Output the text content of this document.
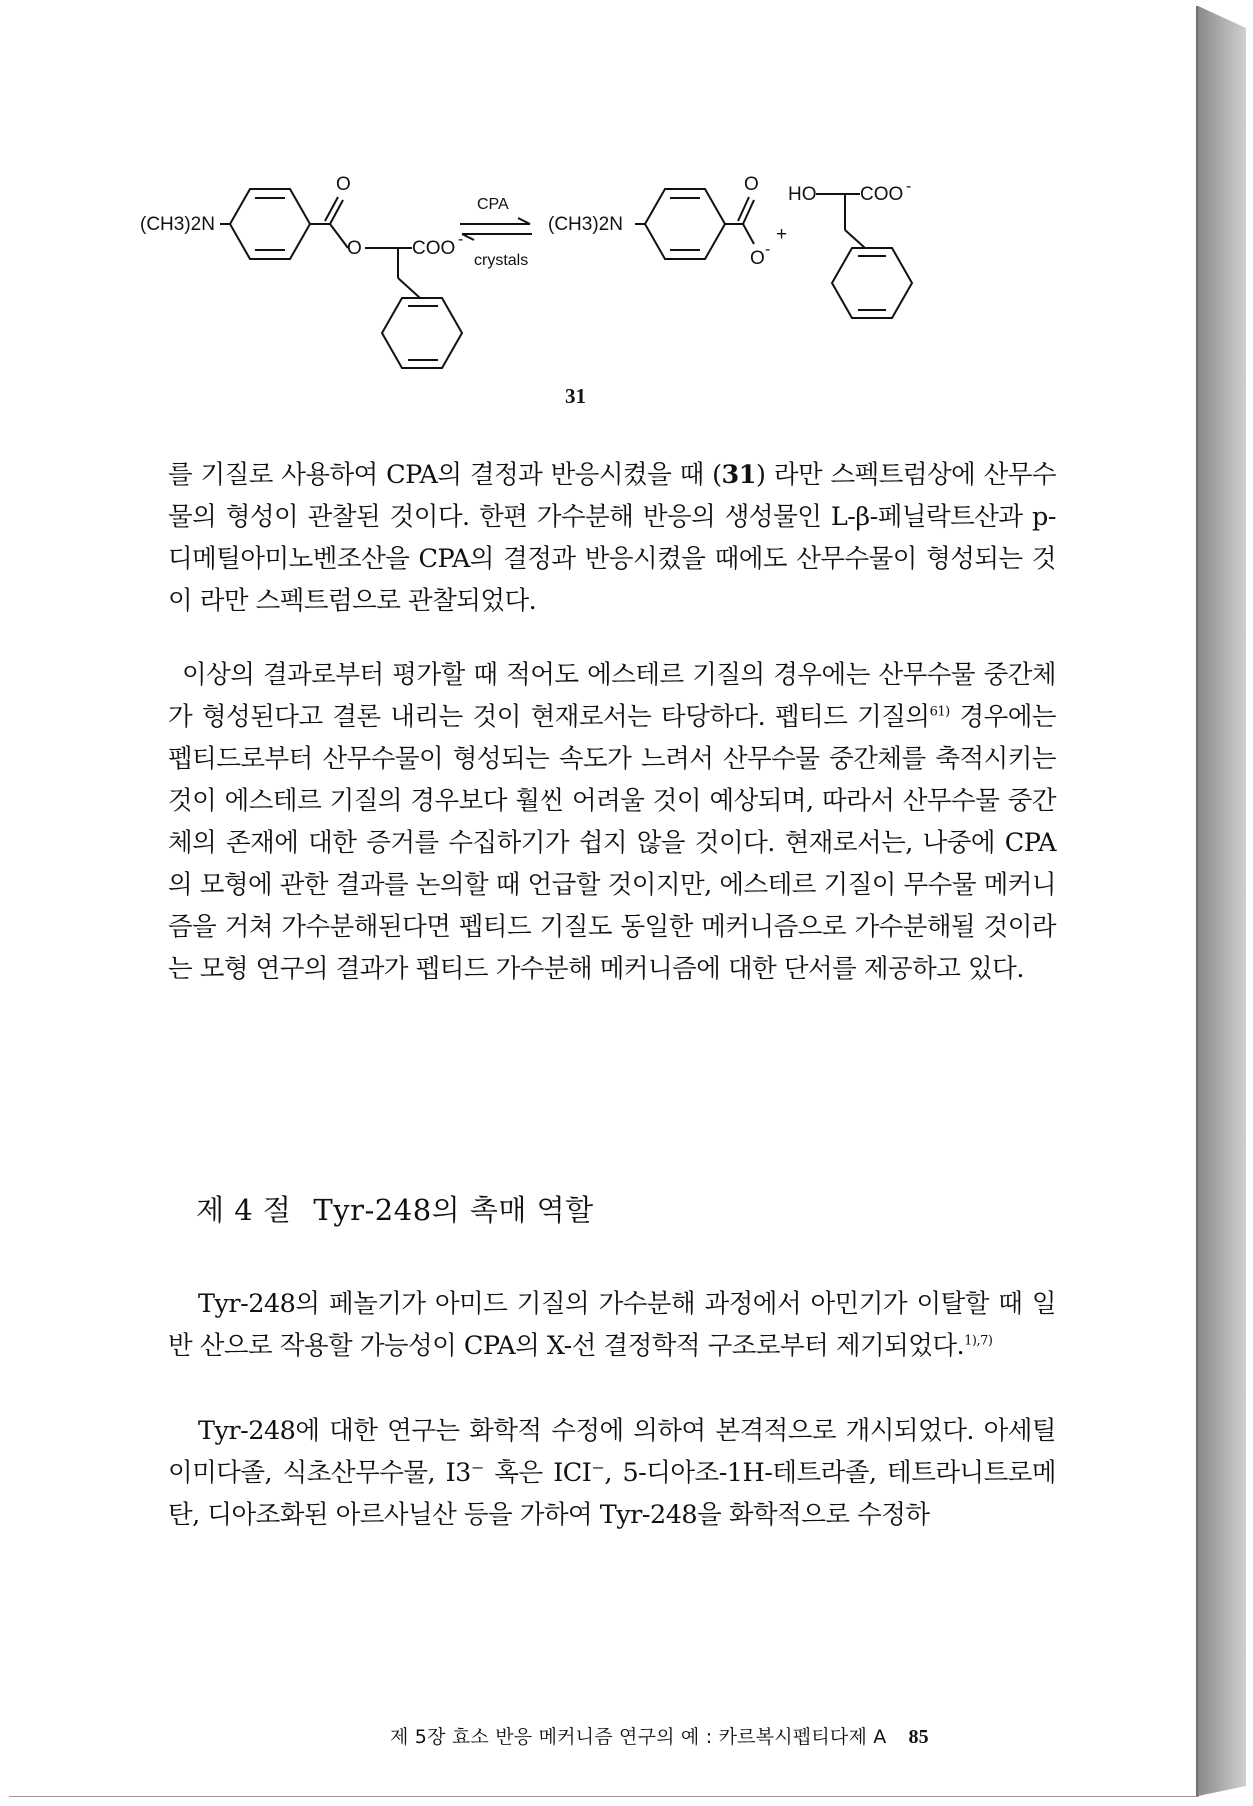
(CH3)2N
O
O	COO -
CPA
crystals
(CH3)2N
O
O -
+
HO COO -
31
를 기질로 사용하여 CPA의 결정과 반응시켰을 때 (31) 라만 스펙트럼상에 산무수물의 형성이 관찰된 것이다. 한편 가수분해 반응의 생성물인 L-β-페닐락트산과 p-디메틸아미노벤조산을 CPA의 결정과 반응시켰을 때에도 산무수물이 형성되는 것이 라만 스펙트럼으로 관찰되었다.
이상의 결과로부터 평가할 때 적어도 에스테르 기질의 경우에는 산무수물 중간체가 형성된다고 결론 내리는 것이 현재로서는 타당하다. 펩티드 기질의$^{61)}$ 경우에는 펩티드로부터 산무수물이 형성되는 속도가 느려서 산무수물 중간체를 축적시키는 것이 에스테르 기질의 경우보다 훨씬 어려울 것이 예상되며, 따라서 산무수물 중간체의 존재에 대한 증거를 수집하기가 쉽지 않을 것이다. 현재로서는, 나중에 CPA의 모형에 관한 결과를 논의할 때 언급할 것이지만, 에스테르 기질이 무수물 메커니즘을 거쳐 가수분해된다면 펩티드 기질도 동일한 메커니즘으로 가수분해될 것이라는 모형 연구의 결과가 펩티드 가수분해 메커니즘에 대한 단서를 제공하고 있다.
제 4 절 Tyr-248의 촉매 역할
Tyr-248의 페놀기가 아미드 기질의 가수분해 과정에서 아민기가 이탈할 때 일반 산으로 작용할 가능성이 CPA의 X-선 결정학적 구조로부터 제기되었다.$^{1),7)}$
Tyr-248에 대한 연구는 화학적 수정에 의하여 본격적으로 개시되었다. 아세틸 이미다졸, 식초산무수물, I3⁻ 혹은 ICI⁻, 5-디아조-1H-테트라졸, 테트라니트로메탄, 디아조화된 아르사닐산 등을 가하여 Tyr-248을 화학적으로 수정하
제 5장 효소 반응 메커니즘 연구의 예 : 카르복시펩티다제 A 85
